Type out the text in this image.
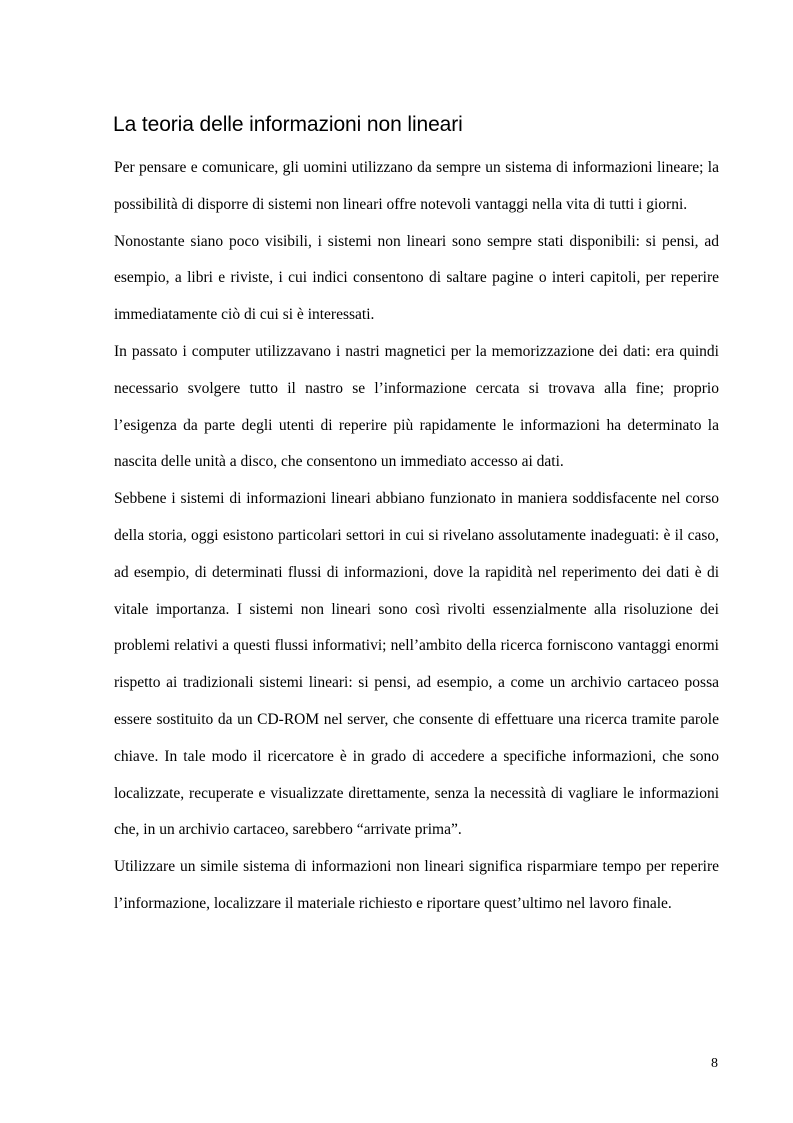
La teoria delle informazioni non lineari

Per pensare e comunicare, gli uomini utilizzano da sempre un sistema di informazioni lineare; la possibilità di disporre di sistemi non lineari offre notevoli vantaggi nella vita di tutti i giorni.

Nonostante siano poco visibili, i sistemi non lineari sono sempre stati disponibili: si pensi, ad esempio, a libri e riviste, i cui indici consentono di saltare pagine o interi capitoli, per reperire immediatamente ciò di cui si è interessati.

In passato i computer utilizzavano i nastri magnetici per la memorizzazione dei dati: era quindi necessario svolgere tutto il nastro se l’informazione cercata si trovava alla fine; proprio l’esigenza da parte degli utenti di reperire più rapidamente le informazioni ha determinato la nascita delle unità a disco, che consentono un immediato accesso ai dati.

Sebbene i sistemi di informazioni lineari abbiano funzionato in maniera soddisfacente nel corso della storia, oggi esistono particolari settori in cui si rivelano assolutamente inadeguati: è il caso, ad esempio, di determinati flussi di informazioni, dove la rapidità nel reperimento dei dati è di vitale importanza. I sistemi non lineari sono così rivolti essenzialmente alla risoluzione dei problemi relativi a questi flussi informativi; nell’ambito della ricerca forniscono vantaggi enormi rispetto ai tradizionali sistemi lineari: si pensi, ad esempio, a come un archivio cartaceo possa essere sostituito da un CD-ROM nel server, che consente di effettuare una ricerca tramite parole chiave. In tale modo il ricercatore è in grado di accedere a specifiche informazioni, che sono localizzate, recuperate e visualizzate direttamente, senza la necessità di vagliare le informazioni che, in un archivio cartaceo, sarebbero “arrivate prima”.

Utilizzare un simile sistema di informazioni non lineari significa risparmiare tempo per reperire l’informazione, localizzare il materiale richiesto e riportare quest’ultimo nel lavoro finale.

8
